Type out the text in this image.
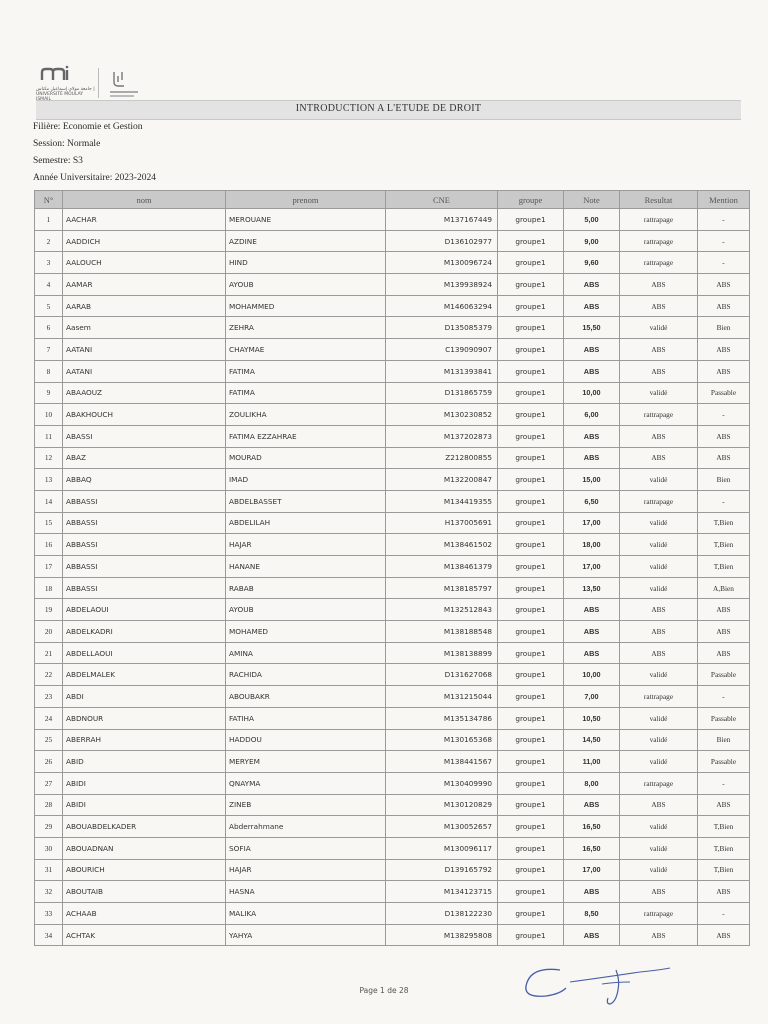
جامعة مولاي إسماعيل مكناس | UNIVERSITÉ MOULAY
INTRODUCTION A L'ETUDE DE DROIT
Filière: Economie et Gestion
Session: Normale
Semestre: S3
Année Universitaire: 2023-2024
N°	nom	prenom	CNE	groupe	Note	Resultat	Mention
1	AACHAR	MEROUANE	M137167449	groupe1	5,00	rattrapage	-
2	AADDICH	AZDINE	D136102977	groupe1	9,00	rattrapage	-
3	AALOUCH	HIND	M130096724	groupe1	9,60	rattrapage	-
4	AAMAR	AYOUB	M139938924	groupe1	ABS	ABS	ABS
5	AARAB	MOHAMMED	M146063294	groupe1	ABS	ABS	ABS
6	Aasem	ZEHRA	D135085379	groupe1	15,50	validé	Bien
7	AATANI	CHAYMAE	C139090907	groupe1	ABS	ABS	ABS
8	AATANI	FATIMA	M131393841	groupe1	ABS	ABS	ABS
9	ABAAOUZ	FATIMA	D131865759	groupe1	10,00	validé	Passable
10	ABAKHOUCH	ZOULIKHA	M130230852	groupe1	6,00	rattrapage	-
11	ABASSI	FATIMA EZZAHRAE	M137202873	groupe1	ABS	ABS	ABS
12	ABAZ	MOURAD	Z212800855	groupe1	ABS	ABS	ABS
13	ABBAQ	IMAD	M132200847	groupe1	15,00	validé	Bien
14	ABBASSI	ABDELBASSET	M134419355	groupe1	6,50	rattrapage	-
15	ABBASSI	ABDELILAH	H137005691	groupe1	17,00	validé	T,Bien
16	ABBASSI	HAJAR	M138461502	groupe1	18,00	validé	T,Bien
17	ABBASSI	HANANE	M138461379	groupe1	17,00	validé	T,Bien
18	ABBASSI	RABAB	M138185797	groupe1	13,50	validé	A,Bien
19	ABDELAOUI	AYOUB	M132512843	groupe1	ABS	ABS	ABS
20	ABDELKADRI	MOHAMED	M138188548	groupe1	ABS	ABS	ABS
21	ABDELLAOUI	AMINA	M138138899	groupe1	ABS	ABS	ABS
22	ABDELMALEK	RACHIDA	D131627068	groupe1	10,00	validé	Passable
23	ABDI	ABOUBAKR	M131215044	groupe1	7,00	rattrapage	-
24	ABDNOUR	FATIHA	M135134786	groupe1	10,50	validé	Passable
25	ABERRAH	HADDOU	M130165368	groupe1	14,50	validé	Bien
26	ABID	MERYEM	M138441567	groupe1	11,00	validé	Passable
27	ABIDI	QNAYMA	M130409990	groupe1	8,00	rattrapage	-
28	ABIDI	ZINEB	M130120829	groupe1	ABS	ABS	ABS
29	ABOUABDELKADER	Abderrahmane	M130052657	groupe1	16,50	validé	T,Bien
30	ABOUADNAN	SOFIA	M130096117	groupe1	16,50	validé	T,Bien
31	ABOURICH	HAJAR	D139165792	groupe1	17,00	validé	T,Bien
32	ABOUTAIB	HASNA	M134123715	groupe1	ABS	ABS	ABS
33	ACHAAB	MALIKA	D138122230	groupe1	8,50	rattrapage	-
34	ACHTAK	YAHYA	M138295808	groupe1	ABS	ABS	ABS
Page 1 de 28
